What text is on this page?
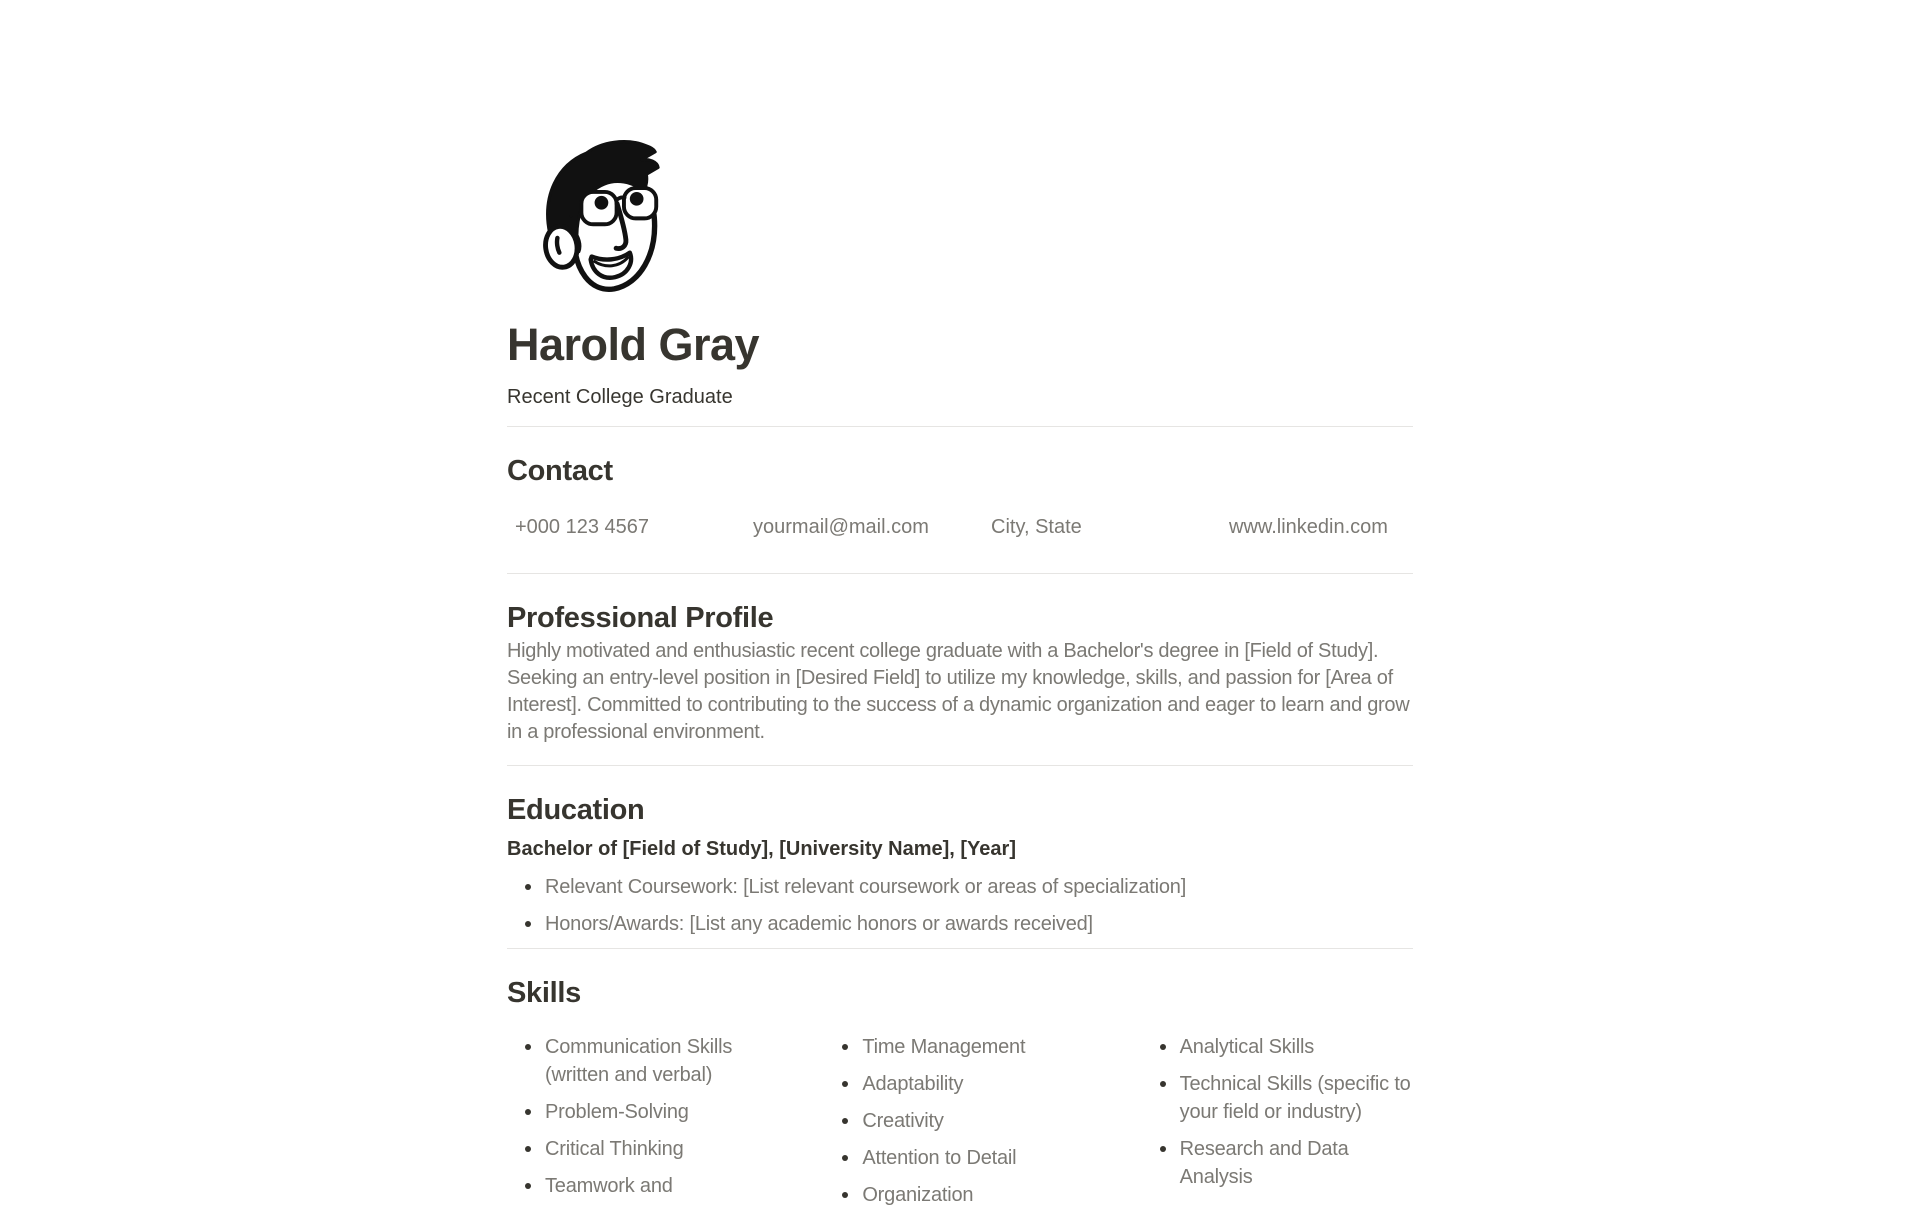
Harold Gray

Recent College Graduate

Contact
+000 123 4567	yourmail@mail.com	City, State	www.linkedin.com
Professional Profile

Highly motivated and enthusiastic recent college graduate with a Bachelor's degree in [Field of Study]. Seeking an entry-level position in [Desired Field] to utilize my knowledge, skills, and passion for [Area of Interest]. Committed to contributing to the success of a dynamic organization and eager to learn and grow in a professional environment.

Education

Bachelor of [Field of Study], [University Name], [Year]

Relevant Coursework: [List relevant coursework or areas of specialization]
Honors/Awards: [List any academic honors or awards received]
Skills
Communication Skills (written and verbal)
Problem-Solving
Critical Thinking
Teamwork and
Time Management
Adaptability
Creativity
Attention to Detail
Organization
Analytical Skills
Technical Skills (specific to your field or industry)
Research and Data Analysis
